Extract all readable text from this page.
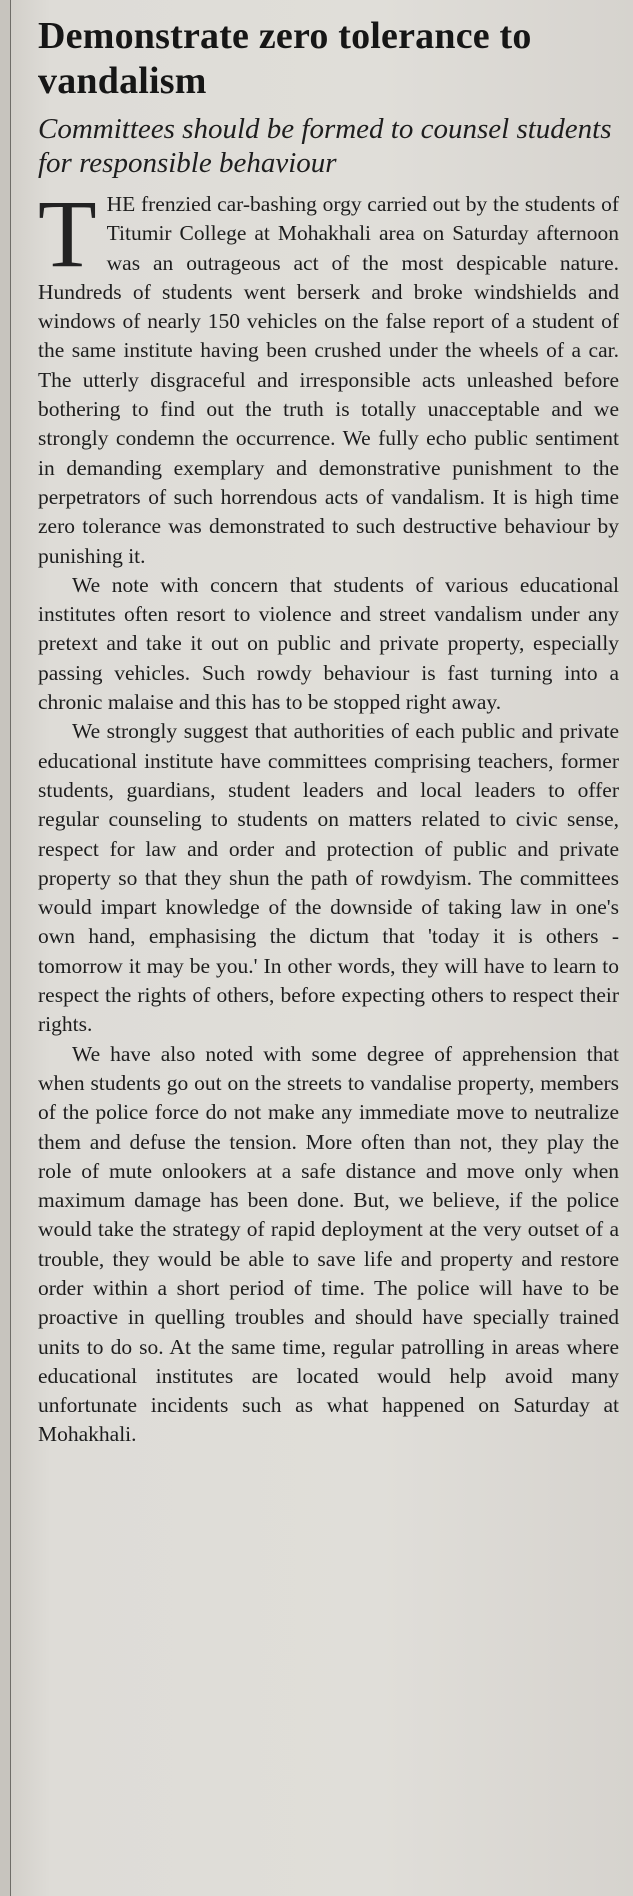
Demonstrate zero tolerance to vandalism
Committees should be formed to counsel students for responsible behaviour

THE frenzied car-bashing orgy carried out by the students of Titumir College at Mohakhali area on Saturday afternoon was an outrageous act of the most despicable nature. Hundreds of students went berserk and broke windshields and windows of nearly 150 vehicles on the false report of a student of the same institute having been crushed under the wheels of a car. The utterly disgraceful and irresponsible acts unleashed before bothering to find out the truth is totally unacceptable and we strongly condemn the occurrence. We fully echo public sentiment in demanding exemplary and demonstrative punishment to the perpetrators of such horrendous acts of vandalism. It is high time zero tolerance was demonstrated to such destructive behaviour by punishing it.

We note with concern that students of various educational institutes often resort to violence and street vandalism under any pretext and take it out on public and private property, especially passing vehicles. Such rowdy behaviour is fast turning into a chronic malaise and this has to be stopped right away.

We strongly suggest that authorities of each public and private educational institute have committees comprising teachers, former students, guardians, student leaders and local leaders to offer regular counseling to students on matters related to civic sense, respect for law and order and protection of public and private property so that they shun the path of rowdyism. The committees would impart knowledge of the downside of taking law in one's own hand, emphasising the dictum that 'today it is others - tomorrow it may be you.' In other words, they will have to learn to respect the rights of others, before expecting others to respect their rights.

We have also noted with some degree of apprehension that when students go out on the streets to vandalise property, members of the police force do not make any immediate move to neutralize them and defuse the tension. More often than not, they play the role of mute onlookers at a safe distance and move only when maximum damage has been done. But, we believe, if the police would take the strategy of rapid deployment at the very outset of a trouble, they would be able to save life and property and restore order within a short period of time. The police will have to be proactive in quelling troubles and should have specially trained units to do so. At the same time, regular patrolling in areas where educational institutes are located would help avoid many unfortunate incidents such as what happened on Saturday at Mohakhali.
